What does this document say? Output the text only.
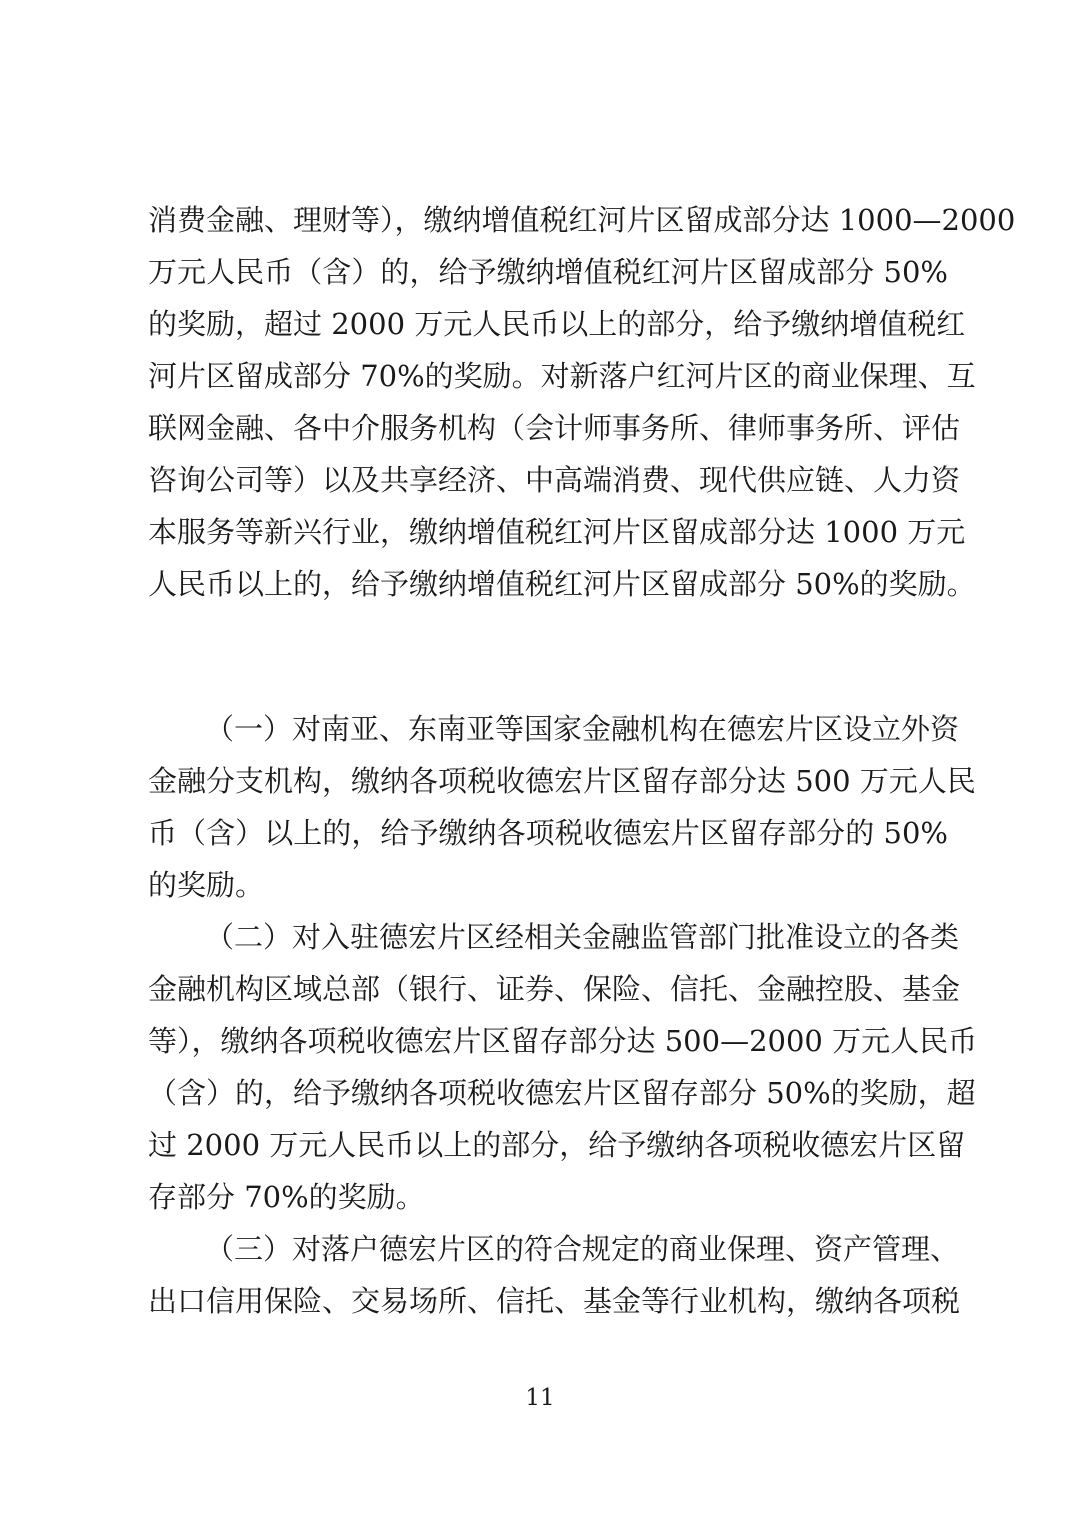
消费金融、理财等），缴纳增值税红河片区留成部分达 1000—2000
万元人民币（含）的，给予缴纳增值税红河片区留成部分 50%
的奖励，超过 2000 万元人民币以上的部分，给予缴纳增值税红
河片区留成部分 70%的奖励。对新落户红河片区的商业保理、互
联网金融、各中介服务机构（会计师事务所、律师事务所、评估
咨询公司等）以及共享经济、中高端消费、现代供应链、人力资
本服务等新兴行业，缴纳增值税红河片区留成部分达 1000 万元
人民币以上的，给予缴纳增值税红河片区留成部分 50%的奖励。
（一）对南亚、东南亚等国家金融机构在德宏片区设立外资
金融分支机构，缴纳各项税收德宏片区留存部分达 500 万元人民
币（含）以上的，给予缴纳各项税收德宏片区留存部分的 50%
的奖励。
（二）对入驻德宏片区经相关金融监管部门批准设立的各类
金融机构区域总部（银行、证券、保险、信托、金融控股、基金
等），缴纳各项税收德宏片区留存部分达 500—2000 万元人民币
（含）的，给予缴纳各项税收德宏片区留存部分 50%的奖励，超
过 2000 万元人民币以上的部分，给予缴纳各项税收德宏片区留
存部分 70%的奖励。
（三）对落户德宏片区的符合规定的商业保理、资产管理、
出口信用保险、交易场所、信托、基金等行业机构，缴纳各项税
11
